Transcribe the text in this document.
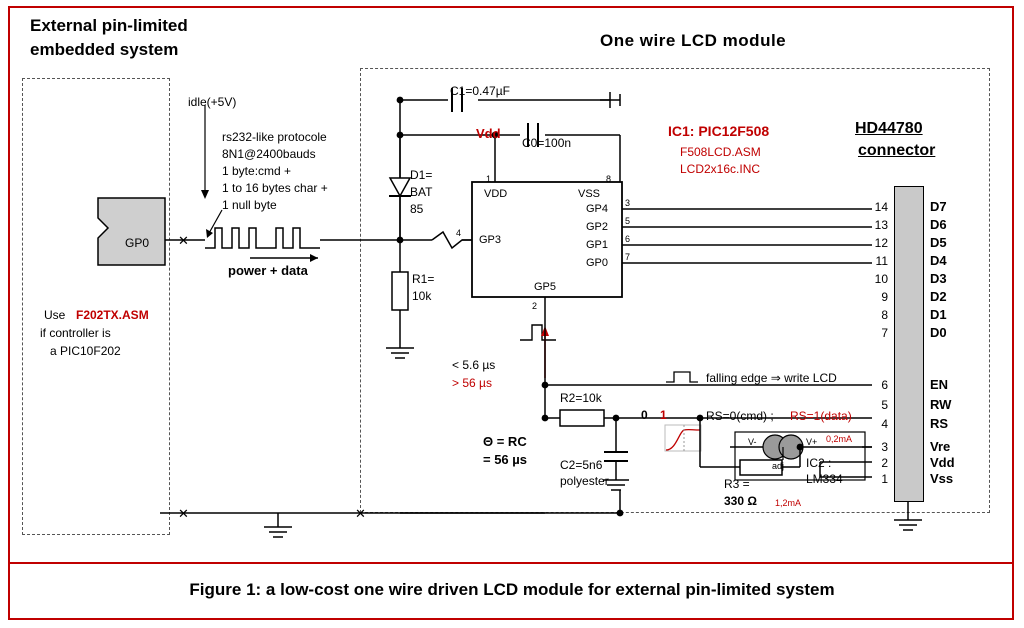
Figure 1: a low-cost one wire driven LCD module for external pin-limited system
External pin-limited
embedded system	One wire LCD module
✕
✕	✕
GP0
Use F202TX.ASM
if controller is
a PIC10F202
idle(+5V)
rs232-like protocole
8N1@2400bauds
1 byte:cmd +
1 to 16 bytes char +
1 null byte
power + data
C1=0.47µF
C0=100n
Vdd
D1=
BAT
85
R1=
10k
R2=10k
C2=5n6
polyester
Θ = RC
= 56 µs
R3 =
330 Ω
IC2 :
LM334
adj
V-	V+ 0,2mA
1,2mA
IC1: PIC12F508
F508LCD.ASM
LCD2x16c.INC
VDD	VSS
1	8
GP4
GP2
GP1
GP0
3
5
6
7
GP3
4
GP5
2
< 5.6 µs
> 56 µs	falling edge ⇒ write LCD
0 1	RS=0(cmd) ; RS=1(data)
HD44780
connector
14	D7
13	D6
12	D5
11	D4
10	D3
9	D2
8	D1
7	D0
6	EN
5	RW
4	RS
3	Vre
2	Vdd
1	Vss
